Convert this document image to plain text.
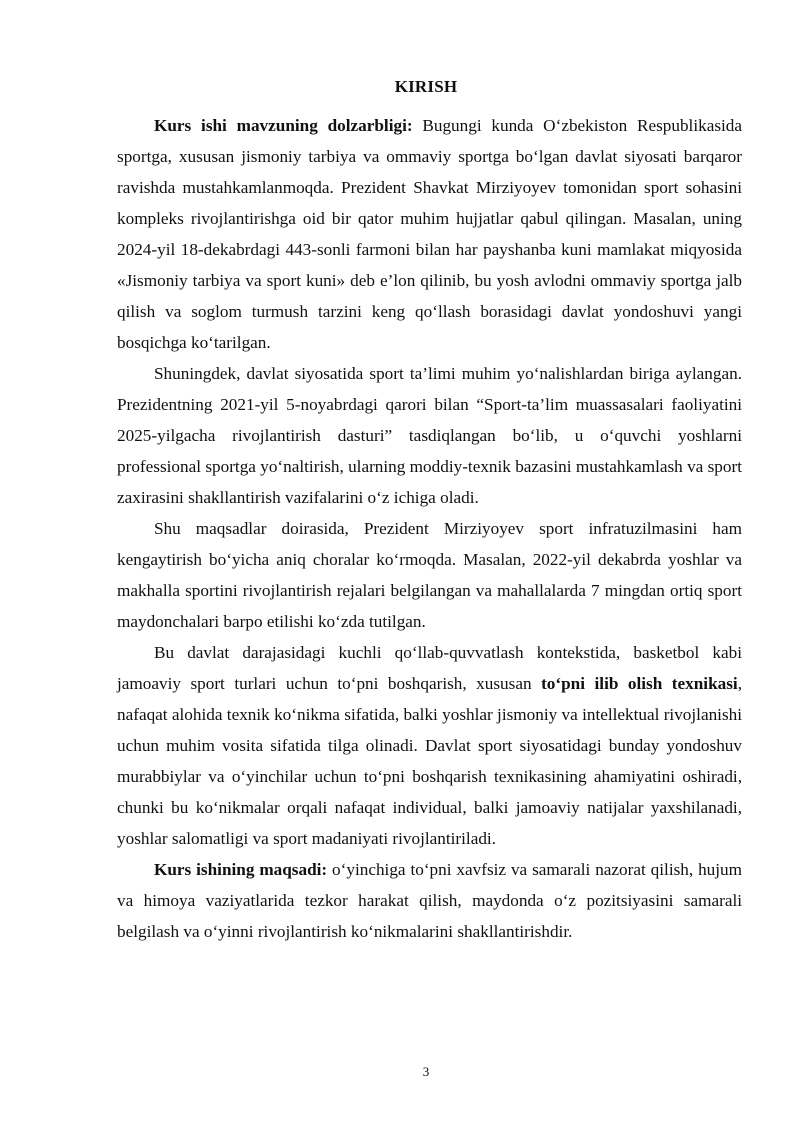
KIRISH

Kurs ishi mavzuning dolzarbligi: Bugungi kunda O‘zbekiston Respublikasida sportga, xususan jismoniy tarbiya va ommaviy sportga bo‘lgan davlat siyosati barqaror ravishda mustahkamlanmoqda. Prezident Shavkat Mirziyoyev tomonidan sport sohasini kompleks rivojlantirishga oid bir qator muhim hujjatlar qabul qilingan. Masalan, uning 2024-yil 18-dekabrdagi 443-sonli farmoni bilan har payshanba kuni mamlakat miqyosida «Jismoniy tarbiya va sport kuni» deb e’lon qilinib, bu yosh avlodni ommaviy sportga jalb qilish va soglom turmush tarzini keng qo‘llash borasidagi davlat yondoshuvi yangi bosqichga ko‘tarilgan.

Shuningdek, davlat siyosatida sport ta’limi muhim yo‘nalishlardan biriga aylangan. Prezidentning 2021-yil 5-noyabrdagi qarori bilan “Sport-ta’lim muassasalari faoliyatini 2025-yilgacha rivojlantirish dasturi” tasdiqlangan bo‘lib, u o‘quvchi yoshlarni professional sportga yo‘naltirish, ularning moddiy-texnik bazasini mustahkamlash va sport zaxirasini shakllantirish vazifalarini o‘z ichiga oladi.

Shu maqsadlar doirasida, Prezident Mirziyoyev sport infratuzilmasini ham kengaytirish bo‘yicha aniq choralar ko‘rmoqda. Masalan, 2022-yil dekabrda yoshlar va makhalla sportini rivojlantirish rejalari belgilangan va mahallalarda 7 mingdan ortiq sport maydonchalari barpo etilishi ko‘zda tutilgan.

Bu davlat darajasidagi kuchli qo‘llab-quvvatlash kontekstida, basketbol kabi jamoaviy sport turlari uchun to‘pni boshqarish, xususan to‘pni ilib olish texnikasi, nafaqat alohida texnik ko‘nikma sifatida, balki yoshlar jismoniy va intellektual rivojlanishi uchun muhim vosita sifatida tilga olinadi. Davlat sport siyosatidagi bunday yondoshuv murabbiylar va o‘yinchilar uchun to‘pni boshqarish texnikasining ahamiyatini oshiradi, chunki bu ko‘nikmalar orqali nafaqat individual, balki jamoaviy natijalar yaxshilanadi, yoshlar salomatligi va sport madaniyati rivojlantiriladi.

Kurs ishining maqsadi: o‘yinchiga to‘pni xavfsiz va samarali nazorat qilish, hujum va himoya vaziyatlarida tezkor harakat qilish, maydonda o‘z pozitsiyasini samarali belgilash va o‘yinni rivojlantirish ko‘nikmalarini shakllantirishdir.

3
